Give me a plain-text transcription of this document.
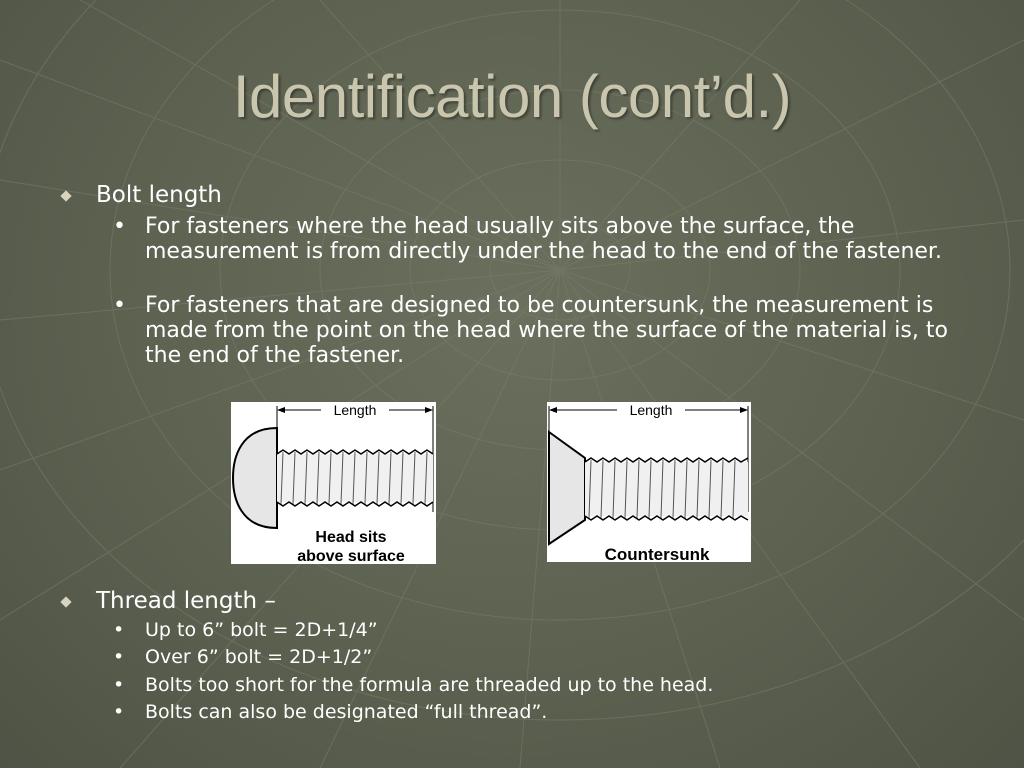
Identification (cont’d.)
Bolt length
• For fasteners where the head usually sits above the surface, the measurement is from directly under the head to the end of the fastener.
• For fasteners that are designed to be countersunk, the measurement is made from the point on the head where the surface of the material is, to the end of the fastener.
Length
Head sits
above surface
Length
Countersunk
Thread length –
•	Up to 6” bolt = 2D+1/4”
•	Over 6” bolt = 2D+1/2”
•	Bolts too short for the formula are threaded up to the head.
•	Bolts can also be designated “full thread”.
